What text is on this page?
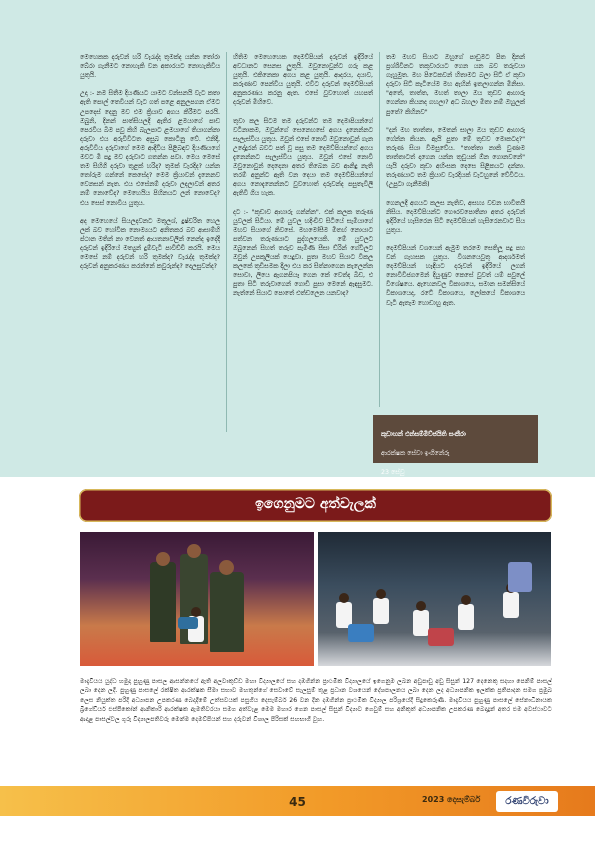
මෙහෙකක දරුවන් හරි වැරැද්ද තුමක්ද යන්න තෝරා බේරා ගැනීමට නොහැකි වන අකාරයට නොහැකිවිය යුතුයි.

උදා :- නම සිතීම දියණියට යාමට වන්සනයි වැට කතා ඇති පොල් තෙවියන් වැට ගත් පළෙ අනුලපගන ඒමට උපදෙස් දෙනු මව එම ක්‍රියාව අගය කිරීමට පරයි. ඔබුනි, දිනන් පාත්සියලදී ඇතිර ළමයාගේ පාඩ පෙරවිය බිම පවු කිහි බැලපාට ළමයාගේ තියාගන්නා දරුවා එය අරුවීවිටත අසුබ කොටිනු වේ. එනිදී, අරුවිවිය දරුවාගේ මෙම ආදීවිය පිළිබඳව දියණියගේ මවට මි පදු මව දරුවාට ගතන්න පවා. මෙය මෙසේ තම සිහිගි දරුවා තුළක් හරිද? තුමක් වැරදිද? යන්න තෝරුම ගන්නේ කෙසේද? මෙම ක්‍රියාවන් දැනෙනව වෙනසන් නැත. එය එසේනම් දරුවා ලදලාවන් අතර නම් නොවේද? මෙහෙයිය පිහිනයට ලන් නොවෙද? එය සෙස් නොවිය යුතුය.

අද මෙහෙයේ සියලදවනට මතුලශ්, දුෂ්චරිත හෙල ලක් බව හෝවීක නොම්‍යයට අනිතකර බව ආසාම්හි ප්ථාන මතින් නා වෙනත් ආයතනාවලින් නෙන්ද ඉදේදී දරුවන් ඉදිරියේ මත්‍යුන් දුම්වැටි පාවිච්චි කරයි. මෙය මෙසේ නම් දරුවන් හරි තුමක්ද? වැරැද්ද තුමක්ද? දරුවන් අනුකරණය කරන්නේ කවුරුන්ද? දෙලසුවන්ද?
හිතිම මෙහෙහෙක දෙමව්පියන් දරුවන් ඉදිරියේ අවධානට සෙනස ලුතුයි. ඔවුනොවුන්ට ගරු කළ යුතුයි. එකිනෙකා අගය කළ යුතුයි. ආදරය, දයාව, කරුණාව පෙන්විය යුතුයි. එවිට දරුවන් දෙමව්පියන් අනුකරණය කරනු ඇත. එසේ වුවහොත් යහපත් දරුවන් මිහිවෙ.

තුවා කල සිටම තම දරුවන්ට තම දෙමාපියන්ගේ වටිනාකම, ඔවුන්ගේ සෙනෙහසේ අගය දැනෙන්නට සැලැස්විය යුතුය. ඔවුන් එසේ නොවී ඔවුනොවුන් ගැන උදේදුරන් බවට පත් වූ පසු තම දෙමව්පියන්ගේ අගය දැනෙන්නට සැලැස්වීය යුතුය. ඔවුන් එසේ නොවී ඔවුනොවුන් දෙදෙනා අතර තිබෙන බව ආනිදු නැති තරම් අනුන්ට ඇති වන දෙයා තම දෙමව්පියන්ගේ අගය නොදැනෙන්නට වුවහොත් දරුවන්ද පසුතැවිලි ඇතිවී ගිය හැක.

දට :- "කුඩාව ආහාරු ගන්න්න". එක් කලක තරුණ යුවලක් සිටියා. මේ යුවල හදිංචිව සිටියේ සැමියාගේ මහව සියාගේ නිවසේ. මහමෝසීම මිතහ් නොයාට පත්වන තරුණයාට පුද්ගලයෙකි. මේ යුවලට ඔබුනෙන් සිහත් තරුව පැමිණි සීසා ඩ්රින් ගේවිලට ඔවුන් උපකුලියක් යෙදුවා. පුතා මහව සියාට විකල කලකේ තුඩිසමක දීලා එය කර සිත්නාගෙන කැලෙන්න සොවා, ලියෙ ඇගනපියෑ ගෙන කේ වෙත්ද බිඩ, එ පුතා සිටි තරුවාගෙන් ගොඩි පුසා මෙනේ ඇඳසුමට. නැත්නේ සියාට පොතේ එත්ඩලෙන යනවාද?
තම මහව සියාට ඔහුගේ පාඩුමට පිත දිනන් ප්‍රශ්ශිවිනට තකුවාරයට ගෙන යන බව තරුවයා ගැහුමුත. මහ පිටෙකවන් හිතාමට බලා සිට් ඒ කුඩා දරුවා සිට් කැටියේම මහ ඇහින් ඉතලාගන්න මිනිසා. "අතේ, තාත්ත, මහත් තාලා ඔය තුඩව ආහාරු ගෙන්නා කියනද ගහලා? අධ බහලා මිතා නම් ඔහුලක් පුතේ? කිහිනව"

"දන් මහ තාත්තා, මෙතන් සාලා ඔය තුඩව ආහාරු ගේන්න කියන. ඇයි පුතා මේ තුඩව මොකටද?" තරුණ සියා විමසුවේය. "තාත්තා නාකි වුණාම තාත්තාටත් දාගෙන යන්න තුඩුයක් ඕන ගොනවනේ" යැයි දරුවා කුඩා අහිංසක දෙසෙ සිළිකයට දන්නා. තරුණයාට තම ක්‍රියාව වැරදියක් වැටහුනේ වේවිටය. (උපුටා ගැනීමකි)

ගෙනලදී අගයට කලස නැතිව, අසහ්‍ය වචන භාවිතයි නිසිය. දෙමව්පියන්ට ගෞරවපොතිනා අතර දරුවන් ඉදිරියේ හැසිරෙන සිටි දෙමව්පියන් හැසිරෙනවාට සිය යුතුය.

දෙමව්පියන් වශයෙන් ඇමුම තරමෙ සෙතිලූ පදු පහ වන් ගැහසක යුතුය. විශනයෙවුතු ආදර්ශමත් දෙමව්පියන් හැඳියට දරුවන් ඉදිරියේ ලගන් නොවිවිජගමෙන් දියුණුව කෙසේ වුවත් යම් පවුලේ විශේෂයෙ. ඇහෙනවල විකාශයෙ, සමාන සමන්සියේ විකාශයෙද, රටේ විකාශයෙ, ලෝකයේ විකාශයෙ වැටි ඇතැම හොඩාහු ඇත.

කුඩාහන් එන්සම්මිව්ජයිති සංකීරා

ආරක්ෂක සේවා ඉංගිනේරු

23 සේවු

ඉගෙනුමට අත්වැලක්
මාදැවියය යුද්ධ හමුදා පුහුණු පාසල ආසන්නයේ ඇති අලවාකුඩ්ඩ මහා විද්‍යාලයේ සහ දඹගින්න ප්‍රාථමික විද්‍යාලයේ ඉගෙනුම ලබන අඩුපාඩු අඩු සිසුන් 127 දෙනෙකු සදහා පෙනිම් පාසල් ලබා දෙන ලදී. පුහුණු පාසලේ රක්ෂිත ආරක්ෂක සීමා සභාව මහතුන්ගේ සෙවාවේ සැලසුම් තුළ ප්‍රධාන වශයෙන් දේශපාලනය ලබා දෙන ලද අධ්‍යාපනික ඉලක්ක ප්‍රතිපාදන සමග ප්‍රමුඛ ලෙස නියුක්ත පරිදි අධ්‍යාපන උපකරණ බෙදාදීමේ උත්සවයක් පසුගිය දෙසැම්බර් 26 වන දින දඹගින්න ප්‍රාථමික විද්‍යාල පරිශ්‍රයේදී සිදුකෙරුණි. මාදැවියය පුහුණු පාසලේ සේනාධිනායක බ්‍රිගේඩියර් එස්පීකෝන් ආනිකාරි ආරක්ෂක ඇමතිවරයා සමග අත්වැළ මෙම මහාර ගෙන පාසල් සිසුන් විද්‍යාව ගෙවුම් සහ අනිකුත් අධ්‍යාපනික උපකරණ බෙදාදුන් අතර එම අවස්ථාවට ආදාළ පාසල්වල ගුරු විද්‍යාලපතිවරු මෙන්ම දෙමව්පියන් සහ දරුවන් විශාල පිරිසක් සහභාගී වූහ.
45	2023 දෙසැම්බර්	රණවිරුවා
